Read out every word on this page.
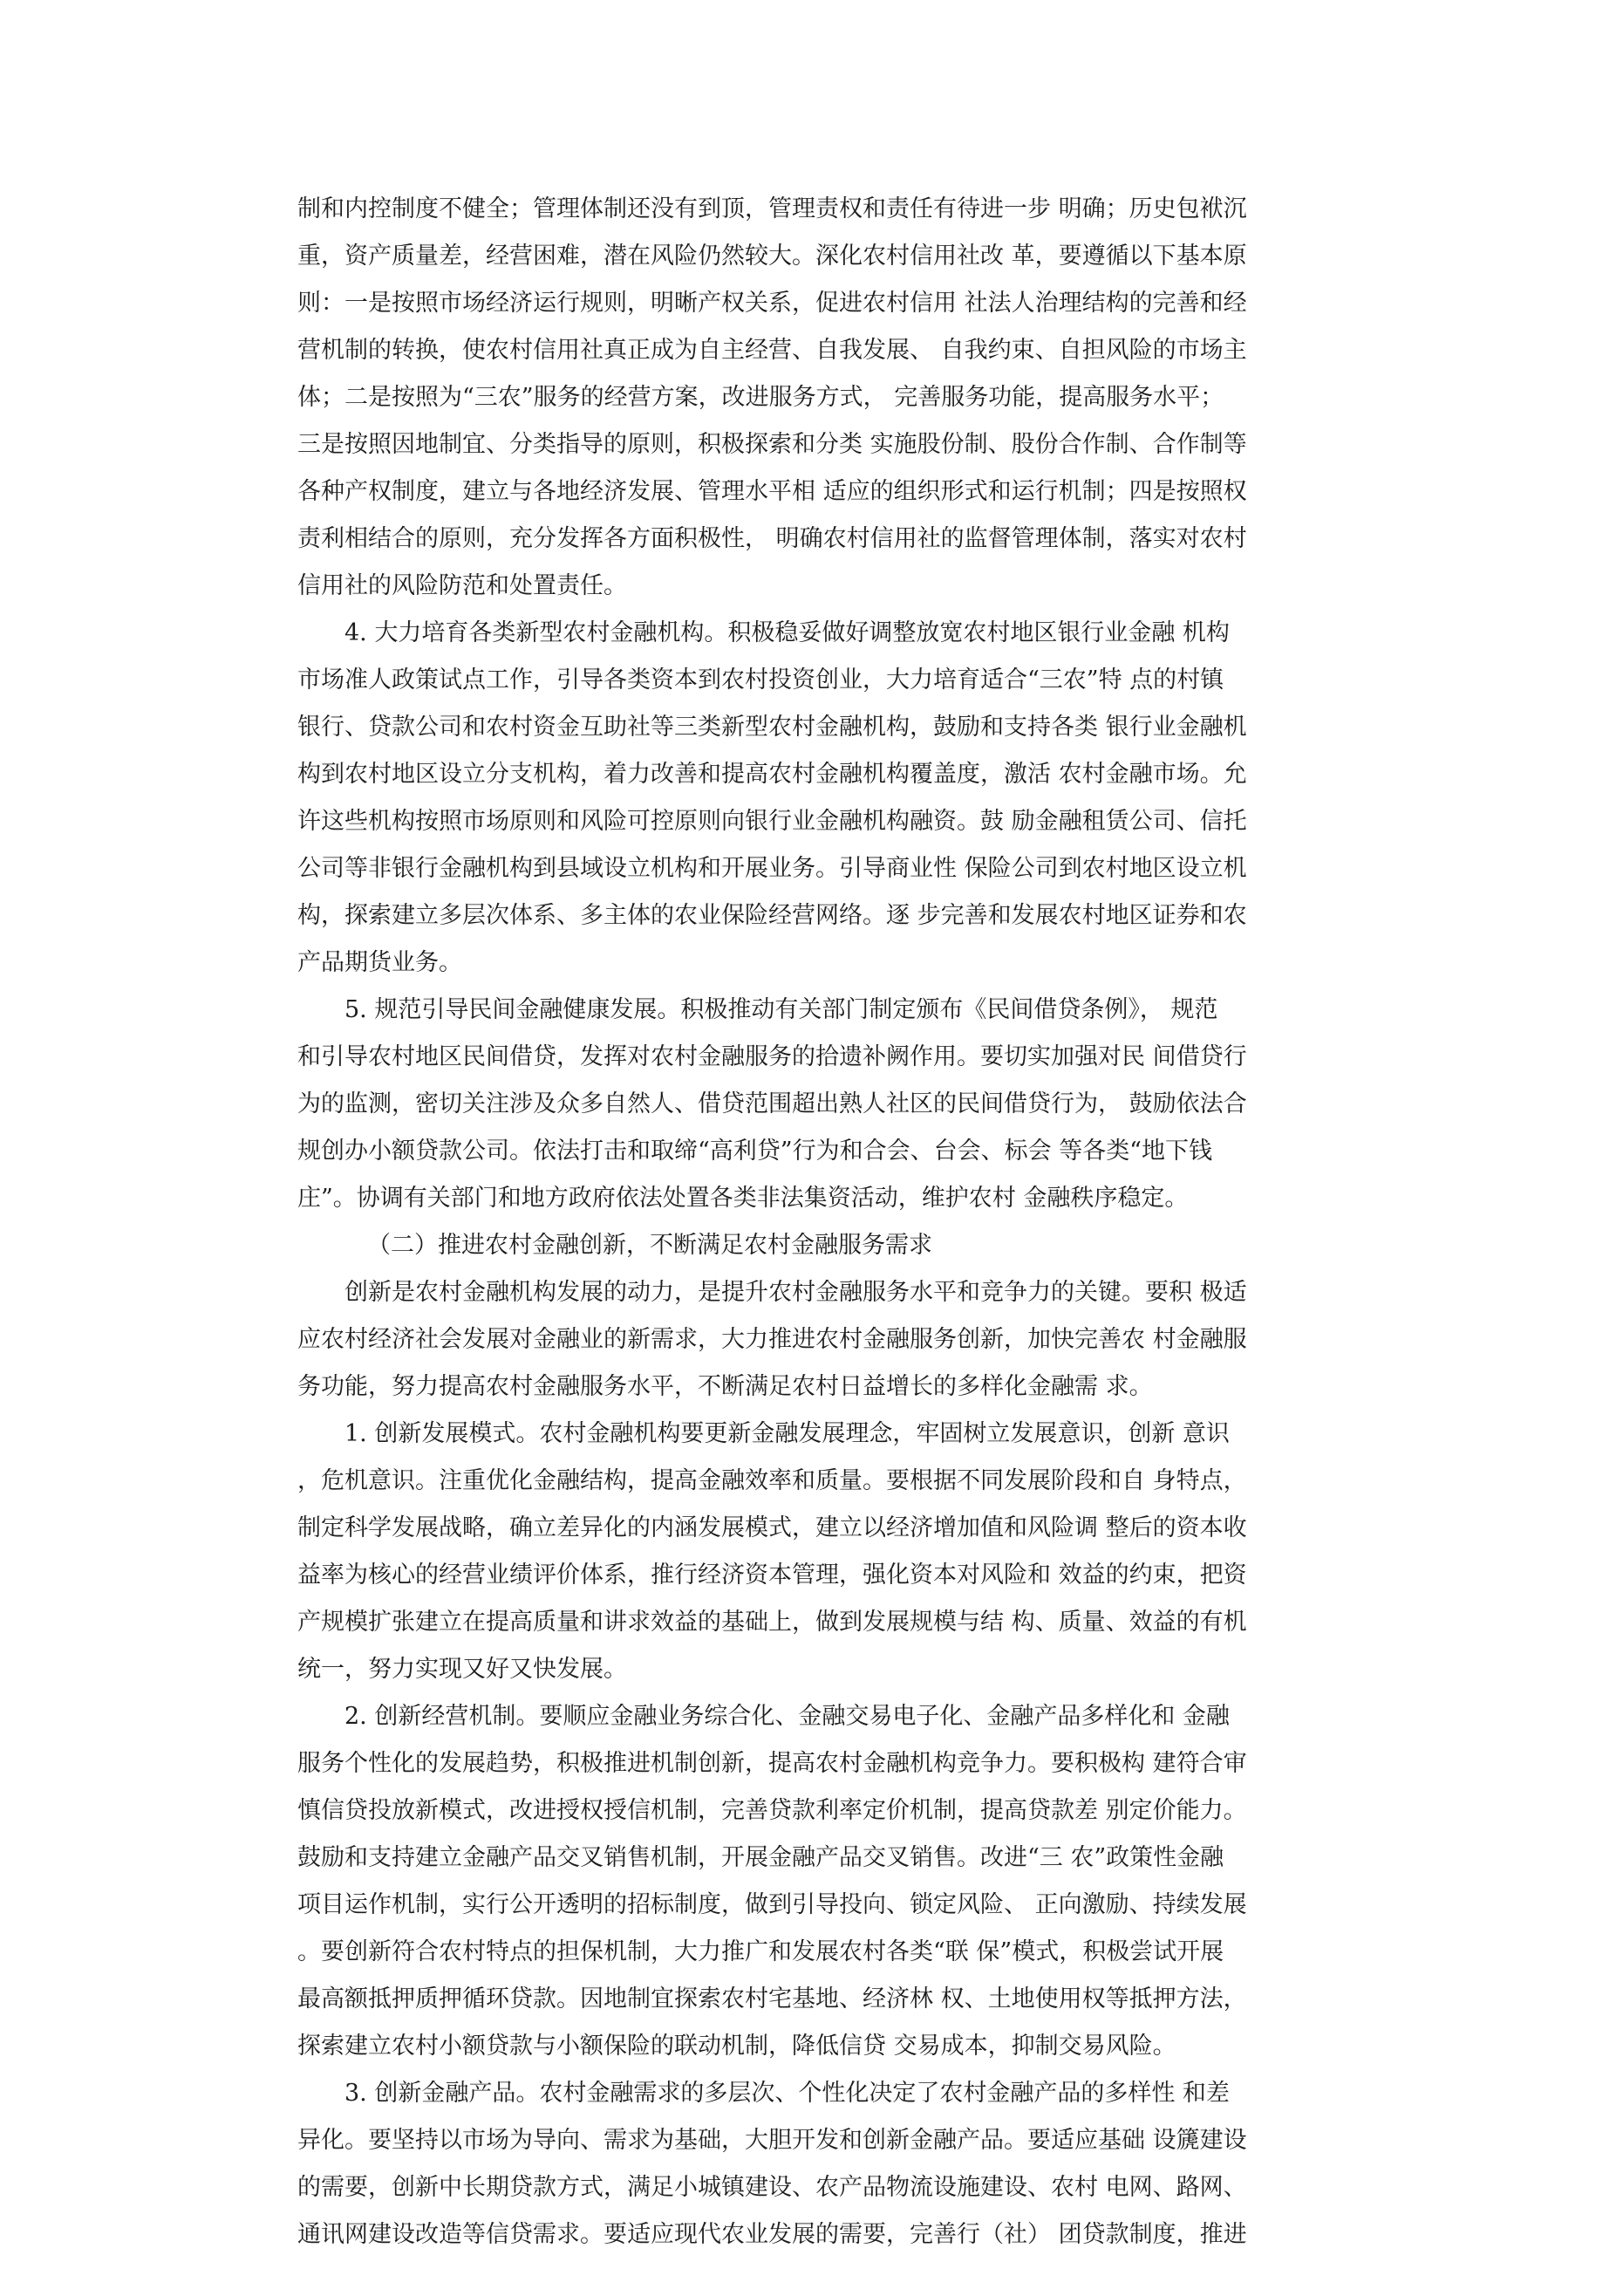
制和内控制度不健全；管理体制还没有到顶，管理责权和责任有待进一步 明确；历史包袱沉
重，资产质量差，经营困难，潜在风险仍然较大。深化农村信用社改 革，要遵循以下基本原
则：一是按照市场经济运行规则，明晰产权关系，促进农村信用 社法人治理结构的完善和经
营机制的转换，使农村信用社真正成为自主经营、自我发展、 自我约束、自担风险的市场主
体；二是按照为“三农”服务的经营方案，改进服务方式， 完善服务功能，提高服务水平；
三是按照因地制宜、分类指导的原则，积极探索和分类 实施股份制、股份合作制、合作制等
各种产权制度，建立与各地经济发展、管理水平相 适应的组织形式和运行机制；四是按照权
责利相结合的原则，充分发挥各方面积极性， 明确农村信用社的监督管理体制，落实对农村
信用社的风险防范和处置责任。
4. 大力培育各类新型农村金融机构。积极稳妥做好调整放宽农村地区银行业金融 机构
市场准人政策试点工作，引导各类资本到农村投资创业，大力培育适合“三农”特 点的村镇
银行、贷款公司和农村资金互助社等三类新型农村金融机构，鼓励和支持各类 银行业金融机
构到农村地区设立分支机构，着力改善和提高农村金融机构覆盖度，激活 农村金融市场。允
许这些机构按照市场原则和风险可控原则向银行业金融机构融资。鼓 励金融租赁公司、信托
公司等非银行金融机构到县域设立机构和开展业务。引导商业性 保险公司到农村地区设立机
构，探索建立多层次体系、多主体的农业保险经营网络。逐 步完善和发展农村地区证券和农
产品期货业务。
5. 规范引导民间金融健康发展。积极推动有关部门制定颁布《民间借贷条例》， 规范
和引导农村地区民间借贷，发挥对农村金融服务的拾遗补阙作用。要切实加强对民 间借贷行
为的监测，密切关注涉及众多自然人、借贷范围超出熟人社区的民间借贷行为， 鼓励依法合
规创办小额贷款公司。依法打击和取缔“高利贷”行为和合会、台会、标会 等各类“地下钱
庄”。协调有关部门和地方政府依法处置各类非法集资活动，维护农村 金融秩序稳定。
（二）推进农村金融创新，不断满足农村金融服务需求
创新是农村金融机构发展的动力，是提升农村金融服务水平和竞争力的关键。要积 极适
应农村经济社会发展对金融业的新需求，大力推进农村金融服务创新，加快完善农 村金融服
务功能，努力提高农村金融服务水平，不断满足农村日益增长的多样化金融需 求。
1. 创新发展模式。农村金融机构要更新金融发展理念，牢固树立发展意识，创新 意识
，危机意识。注重优化金融结构，提高金融效率和质量。要根据不同发展阶段和自 身特点，
制定科学发展战略，确立差异化的内涵发展模式，建立以经济增加值和风险调 整后的资本收
益率为核心的经营业绩评价体系，推行经济资本管理，强化资本对风险和 效益的约束，把资
产规模扩张建立在提高质量和讲求效益的基础上，做到发展规模与结 构、质量、效益的有机
统一，努力实现又好又快发展。
2. 创新经营机制。要顺应金融业务综合化、金融交易电子化、金融产品多样化和 金融
服务个性化的发展趋势，积极推进机制创新，提高农村金融机构竞争力。要积极构 建符合审
慎信贷投放新模式，改进授权授信机制，完善贷款利率定价机制，提高贷款差 别定价能力。
鼓励和支持建立金融产品交叉销售机制，开展金融产品交叉销售。改进“三 农”政策性金融
项目运作机制，实行公开透明的招标制度，做到引导投向、锁定风险、 正向激励、持续发展
。要创新符合农村特点的担保机制，大力推广和发展农村各类“联 保”模式，积极尝试开展
最高额抵押质押循环贷款。因地制宜探索农村宅基地、经济林 权、土地使用权等抵押方法，
探索建立农村小额贷款与小额保险的联动机制，降低信贷 交易成本，抑制交易风险。
3. 创新金融产品。农村金融需求的多层次、个性化决定了农村金融产品的多样性 和差
异化。要坚持以市场为导向、需求为基础，大胆开发和创新金融产品。要适应基础 设篪建设
的需要，创新中长期贷款方式，满足小城镇建设、农产品物流设施建设、农村 电网、路网、
通讯网建设改造等信贷需求。要适应现代农业发展的需要，完善行（社） 团贷款制度，推进
